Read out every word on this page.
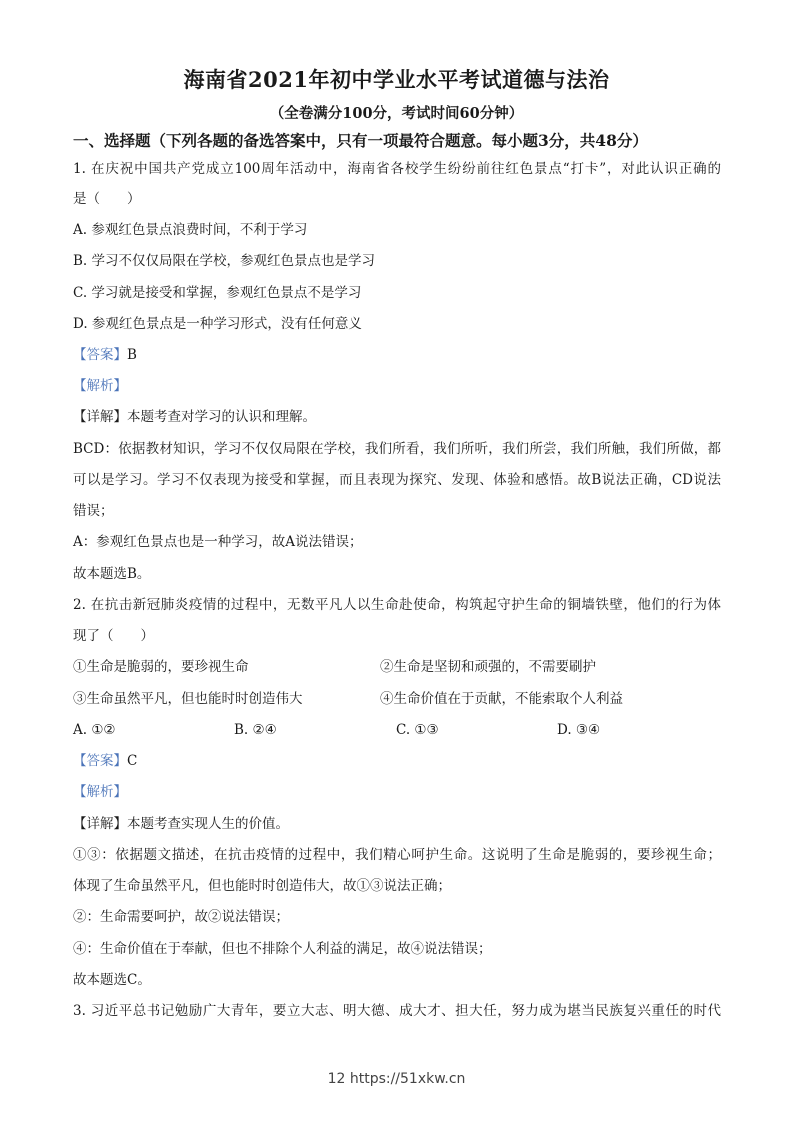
海南省2021年初中学业水平考试道德与法治
（全卷满分100分，考试时间60分钟）
一、选择题（下列各题的备选答案中，只有一项最符合题意。每小题3分，共48分）
1. 在庆祝中国共产党成立100周年活动中，海南省各校学生纷纷前往红色景点“打卡”，对此认识正确的
是（　　）
A. 参观红色景点浪费时间，不利于学习
B. 学习不仅仅局限在学校，参观红色景点也是学习
C. 学习就是接受和掌握，参观红色景点不是学习
D. 参观红色景点是一种学习形式，没有任何意义
【答案】B
【解析】
【详解】本题考查对学习的认识和理解。
BCD：依据教材知识，学习不仅仅局限在学校，我们所看，我们所听，我们所尝，我们所触，我们所做，都
可以是学习。学习不仅表现为接受和掌握，而且表现为探究、发现、体验和感悟。故B说法正确，CD说法
错误；
A：参观红色景点也是一种学习，故A说法错误；
故本题选B。
2. 在抗击新冠肺炎疫情的过程中，无数平凡人以生命赴使命，构筑起守护生命的铜墙铁壁，他们的行为体
现了（　　）
①生命是脆弱的，要珍视生命	②生命是坚韧和顽强的，不需要刷护
③生命虽然平凡，但也能时时创造伟大	④生命价值在于贡献，不能索取个人利益
A. ①②	B. ②④	C. ①③	D. ③④
【答案】C
【解析】
【详解】本题考查实现人生的价值。
①③：依据题文描述，在抗击疫情的过程中，我们精心呵护生命。这说明了生命是脆弱的，要珍视生命；
体现了生命虽然平凡，但也能时时创造伟大，故①③说法正确；
②：生命需要呵护，故②说法错误；
④：生命价值在于奉献，但也不排除个人利益的满足，故④说法错误；
故本题选C。
3. 习近平总书记勉励广大青年，要立大志、明大德、成大才、担大任，努力成为堪当民族复兴重任的时代
12 https://51xkw.cn
